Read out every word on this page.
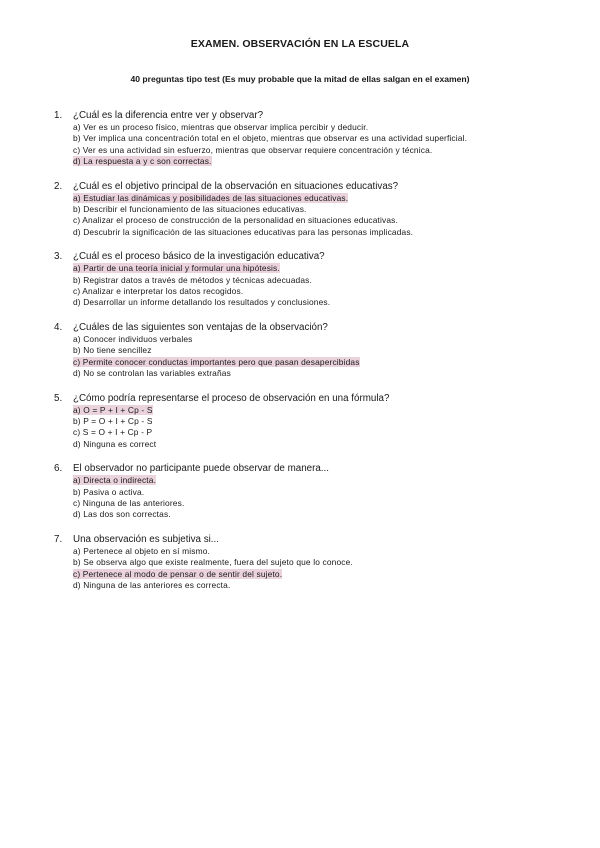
EXAMEN. OBSERVACIÓN EN LA ESCUELA
40 preguntas tipo test (Es muy probable que la mitad de ellas salgan en el examen)
1. ¿Cuál es la diferencia entre ver y observar?
a) Ver es un proceso físico, mientras que observar implica percibir y deducir.
b) Ver implica una concentración total en el objeto, mientras que observar es una actividad superficial.
c) Ver es una actividad sin esfuerzo, mientras que observar requiere concentración y técnica.
d) La respuesta a y c son correctas.
2. ¿Cuál es el objetivo principal de la observación en situaciones educativas?
a) Estudiar las dinámicas y posibilidades de las situaciones educativas.
b) Describir el funcionamiento de las situaciones educativas.
c) Analizar el proceso de construcción de la personalidad en situaciones educativas.
d) Descubrir la significación de las situaciones educativas para las personas implicadas.
3. ¿Cuál es el proceso básico de la investigación educativa?
a) Partir de una teoría inicial y formular una hipótesis.
b) Registrar datos a través de métodos y técnicas adecuadas.
c) Analizar e interpretar los datos recogidos.
d) Desarrollar un informe detallando los resultados y conclusiones.
4. ¿Cuáles de las siguientes son ventajas de la observación?
a) Conocer individuos verbales
b) No tiene sencillez
c) Permite conocer conductas importantes pero que pasan desapercibidas
d) No se controlan las variables extrañas
5. ¿Cómo podría representarse el proceso de observación en una fórmula?
a) O = P + I + Cp - S
b) P = O + I + Cp - S
c) S = O + I + Cp - P
d) Ninguna es correct
6. El observador no participante puede observar de manera...
a) Directa o indirecta.
b) Pasiva o activa.
c) Ninguna de las anteriores.
d) Las dos son correctas.
7. Una observación es subjetiva si...
a) Pertenece al objeto en sí mismo.
b) Se observa algo que existe realmente, fuera del sujeto que lo conoce.
c) Pertenece al modo de pensar o de sentir del sujeto.
d) Ninguna de las anteriores es correcta.
